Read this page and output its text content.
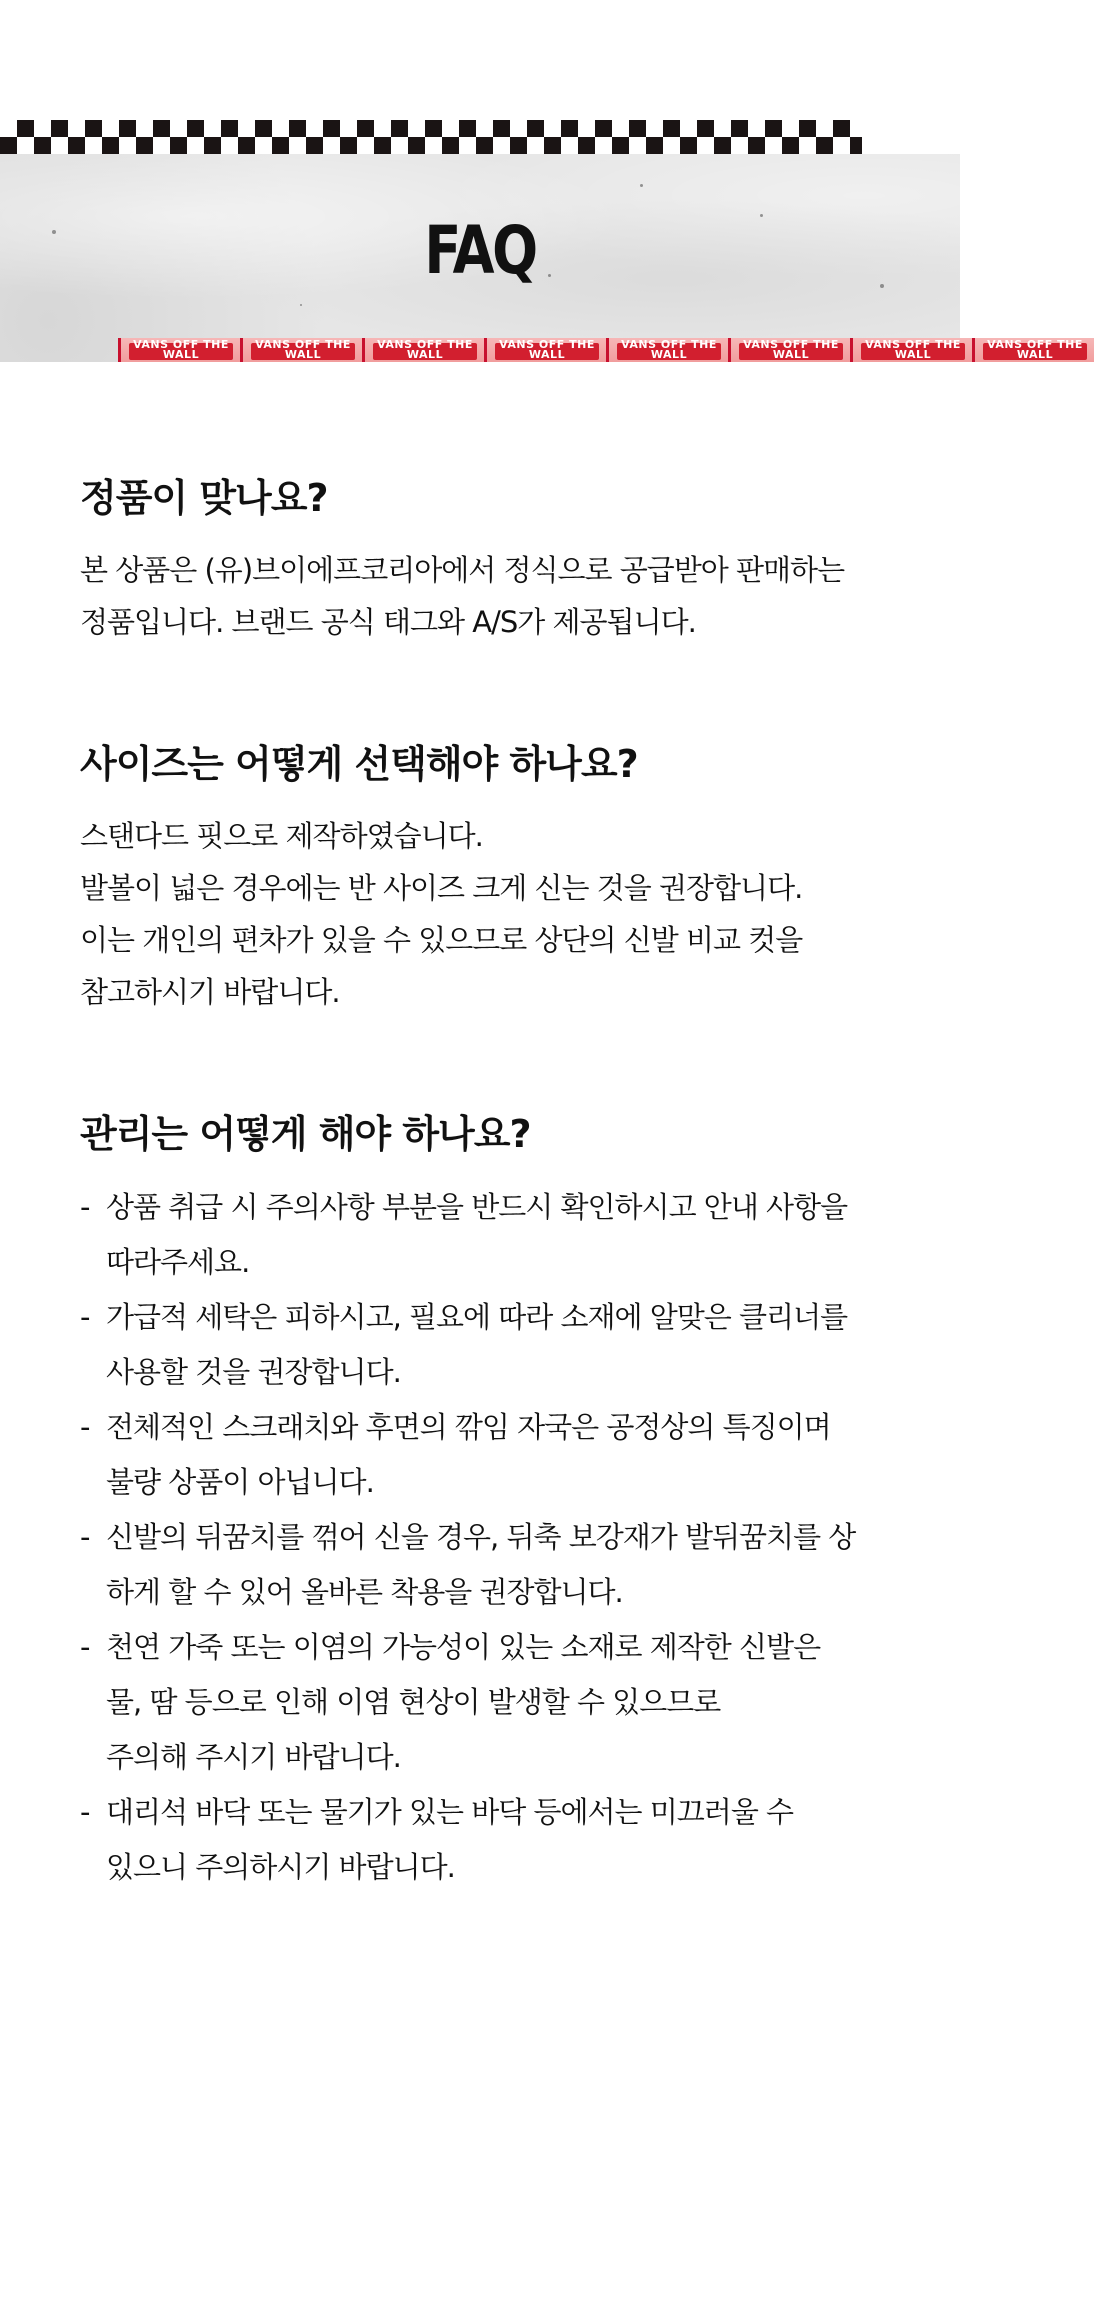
FAQ
VANS OFF THE WALL
VANS OFF THE WALL
VANS OFF THE WALL
VANS OFF THE WALL
VANS OFF THE WALL
VANS OFF THE WALL
VANS OFF THE WALL
VANS OFF THE WALL
정품이 맞나요?

본 상품은 (유)브이에프코리아에서 정식으로 공급받아 판매하는

정품입니다. 브랜드 공식 태그와 A/S가 제공됩니다.

사이즈는 어떻게 선택해야 하나요?

스탠다드 핏으로 제작하였습니다.

발볼이 넓은 경우에는 반 사이즈 크게 신는 것을 권장합니다.

이는 개인의 편차가 있을 수 있으므로 상단의 신발 비교 컷을

참고하시기 바랍니다.

관리는 어떻게 해야 하나요?
- 상품 취급 시 주의사항 부분을 반드시 확인하시고 안내 사항을
따라주세요.
- 가급적 세탁은 피하시고, 필요에 따라 소재에 알맞은 클리너를
사용할 것을 권장합니다.
- 전체적인 스크래치와 후면의 깎임 자국은 공정상의 특징이며
불량 상품이 아닙니다.
- 신발의 뒤꿈치를 꺾어 신을 경우, 뒤축 보강재가 발뒤꿈치를 상
하게 할 수 있어 올바른 착용을 권장합니다.
- 천연 가죽 또는 이염의 가능성이 있는 소재로 제작한 신발은
물, 땀 등으로 인해 이염 현상이 발생할 수 있으므로
주의해 주시기 바랍니다.
- 대리석 바닥 또는 물기가 있는 바닥 등에서는 미끄러울 수
있으니 주의하시기 바랍니다.
